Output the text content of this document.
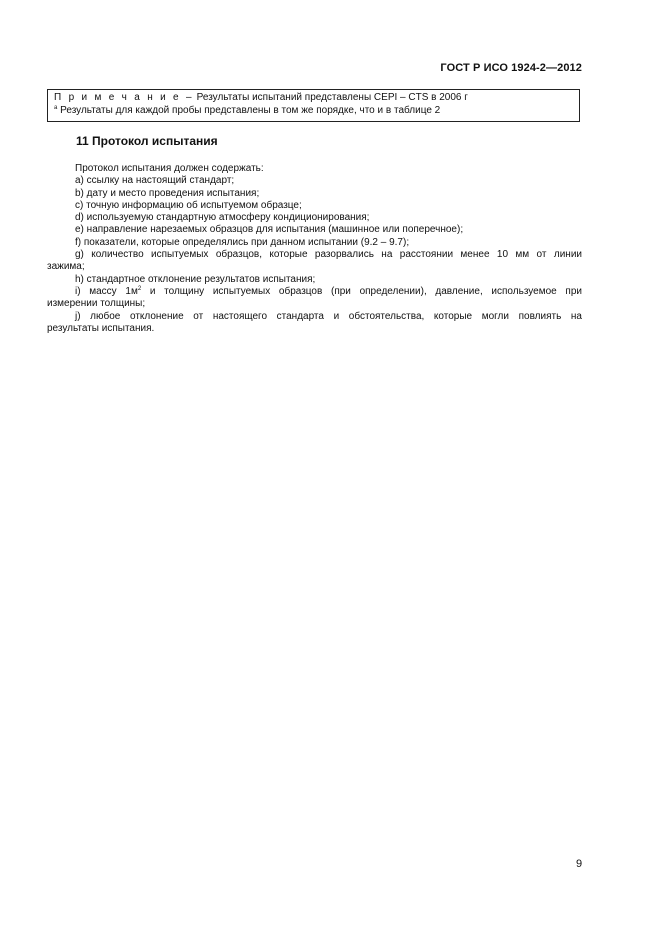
ГОСТ Р ИСО 1924-2—2012
П р и м е ч а н и е – Результаты испытаний представлены CEPI – CTS в 2006 г
$^a$ Результаты для каждой пробы представлены в том же порядке, что и в таблице 2
11 Протокол испытания

Протокол испытания должен содержать:

a) ссылку на настоящий стандарт;

b) дату и место проведения испытания;

c) точную информацию об испытуемом образце;

d) используемую стандартную атмосферу кондиционирования;

e) направление нарезаемых образцов для испытания (машинное или поперечное);

f) показатели, которые определялись при данном испытании (9.2 – 9.7);

g) количество испытуемых образцов, которые разорвались на расстоянии менее 10 мм от линии

зажима;

h) стандартное отклонение результатов испытания;

i) массу $1м^2$ и толщину испытуемых образцов (при определении), давление, используемое при

измерении толщины;

j) любое отклонение от настоящего стандарта и обстоятельства, которые могли повлиять на

результаты испытания.

9
